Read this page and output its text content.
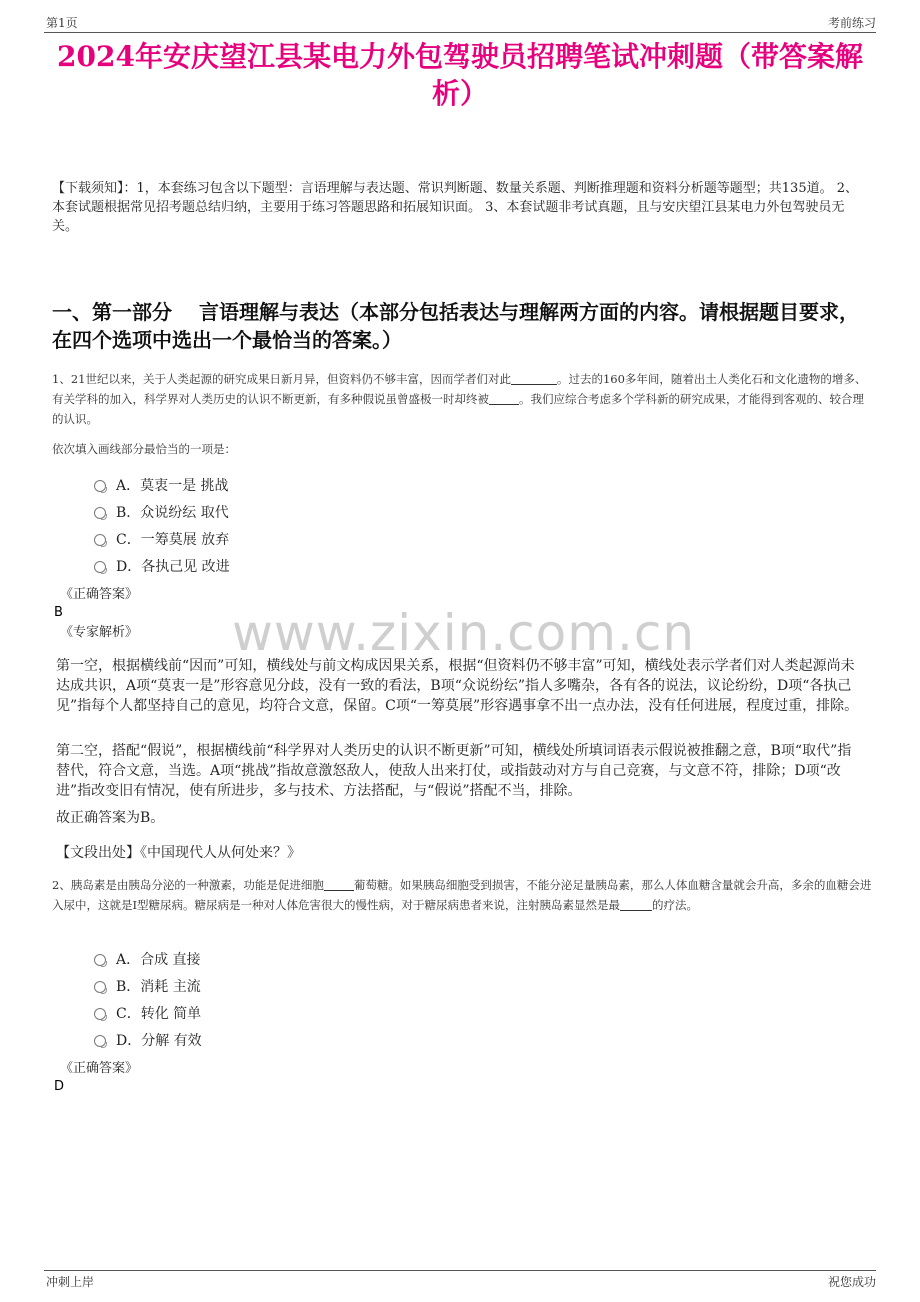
第1页	考前练习
2024年安庆望江县某电力外包驾驶员招聘笔试冲刺题（带答案解析）

【下载须知】：1，本套练习包含以下题型：言语理解与表达题、常识判断题、数量关系题、判断推理题和资料分析题等题型；共135道。 2、本套试题根据常见招考题总结归纳，主要用于练习答题思路和拓展知识面。 3、本套试题非考试真题，且与安庆望江县某电力外包驾驶员无关。

一、第一部分　 言语理解与表达（本部分包括表达与理解两方面的内容。请根据题目要求，在四个选项中选出一个最恰当的答案。）
www.zixin.com.cn

1、21世纪以来，关于人类起源的研究成果日新月异，但资料仍不够丰富，因而学者们对此	。过去的160多年间，随着出土人类化石和文化遗物的增多、有关学科的加入，科学界对人类历史的认识不断更新，有多种假说虽曾盛极一时却终被	。我们应综合考虑多个学科新的研究成果，才能得到客观的、较合理的认识。

依次填入画线部分最恰当的一项是：
A．莫衷一是 挑战
B．众说纷纭 取代
C．一筹莫展 放弃
D．各执己见 改进
《正确答案》
B
《专家解析》

第一空，根据横线前“因而”可知，横线处与前文构成因果关系，根据“但资料仍不够丰富”可知，横线处表示学者们对人类起源尚未达成共识，A项“莫衷一是”形容意见分歧，没有一致的看法，B项“众说纷纭”指人多嘴杂，各有各的说法，议论纷纷，D项“各执己见”指每个人都坚持自己的意见，均符合文意，保留。C项“一筹莫展”形容遇事拿不出一点办法，没有任何进展，程度过重，排除。

第二空，搭配“假说”，根据横线前“科学界对人类历史的认识不断更新”可知，横线处所填词语表示假说被推翻之意，B项“取代”指替代，符合文意，当选。A项“挑战”指故意激怒敌人，使敌人出来打仗，或指鼓动对方与自己竞赛，与文意不符，排除；D项“改进”指改变旧有情况，使有所进步，多与技术、方法搭配，与“假说”搭配不当，排除。

故正确答案为B。

【文段出处】《中国现代人从何处来？》

2、胰岛素是由胰岛分泌的一种激素，功能是促进细胞	葡萄糖。如果胰岛细胞受到损害，不能分泌足量胰岛素，那么人体血糖含量就会升高，多余的血糖会进入尿中，这就是I型糖尿病。糖尿病是一种对人体危害很大的慢性病，对于糖尿病患者来说，注射胰岛素显然是最	的疗法。

A．合成 直接
B．消耗 主流
C．转化 简单
D．分解 有效
《正确答案》
D
冲刺上岸	祝您成功
